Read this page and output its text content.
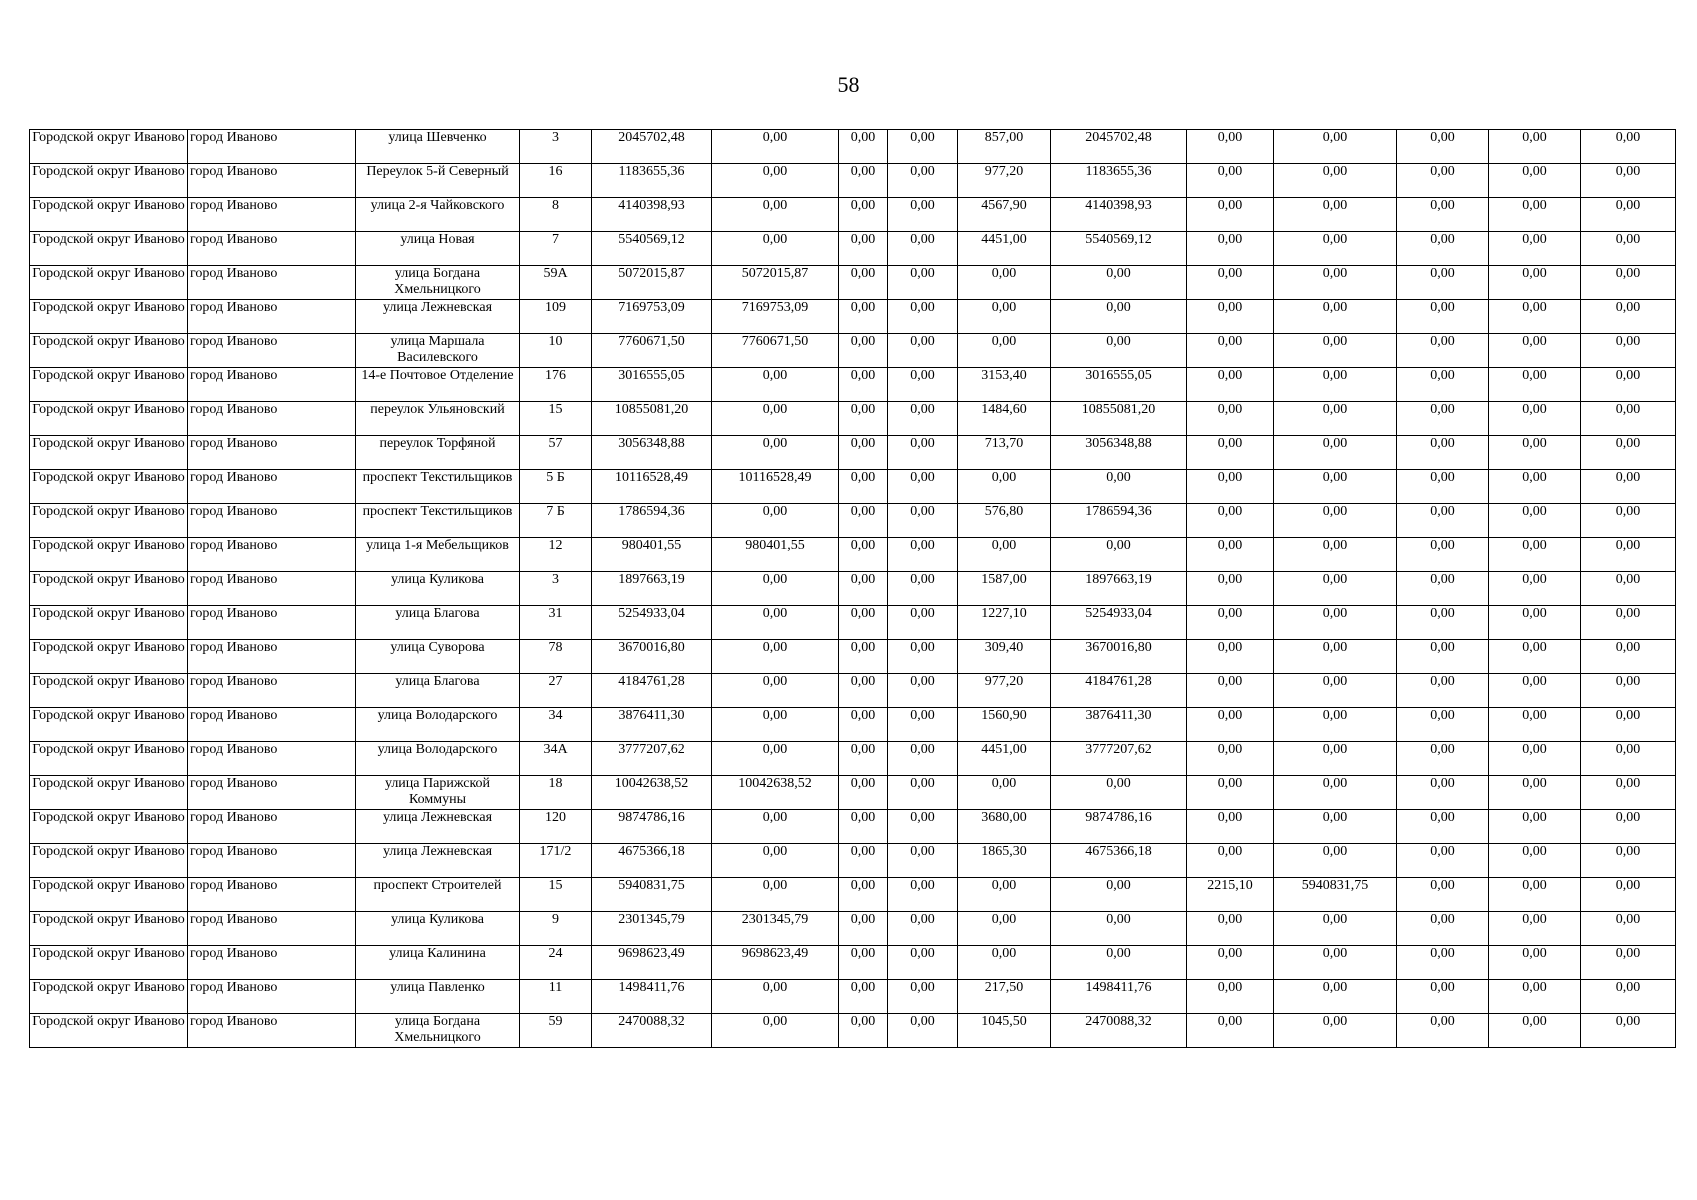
58
Городской округ Иваново	город Иваново	улица Шевченко	3	2045702,48	0,00	0,00	0,00	857,00	2045702,48	0,00	0,00	0,00	0,00	0,00
Городской округ Иваново	город Иваново	Переулок 5-й Северный	16	1183655,36	0,00	0,00	0,00	977,20	1183655,36	0,00	0,00	0,00	0,00	0,00
Городской округ Иваново	город Иваново	улица 2-я Чайковского	8	4140398,93	0,00	0,00	0,00	4567,90	4140398,93	0,00	0,00	0,00	0,00	0,00
Городской округ Иваново	город Иваново	улица Новая	7	5540569,12	0,00	0,00	0,00	4451,00	5540569,12	0,00	0,00	0,00	0,00	0,00
Городской округ Иваново	город Иваново	улица Богдана Хмельницкого	59А	5072015,87	5072015,87	0,00	0,00	0,00	0,00	0,00	0,00	0,00	0,00	0,00
Городской округ Иваново	город Иваново	улица Лежневская	109	7169753,09	7169753,09	0,00	0,00	0,00	0,00	0,00	0,00	0,00	0,00	0,00
Городской округ Иваново	город Иваново	улица Маршала Василевского	10	7760671,50	7760671,50	0,00	0,00	0,00	0,00	0,00	0,00	0,00	0,00	0,00
Городской округ Иваново	город Иваново	14-е Почтовое Отделение	176	3016555,05	0,00	0,00	0,00	3153,40	3016555,05	0,00	0,00	0,00	0,00	0,00
Городской округ Иваново	город Иваново	переулок Ульяновский	15	10855081,20	0,00	0,00	0,00	1484,60	10855081,20	0,00	0,00	0,00	0,00	0,00
Городской округ Иваново	город Иваново	переулок Торфяной	57	3056348,88	0,00	0,00	0,00	713,70	3056348,88	0,00	0,00	0,00	0,00	0,00
Городской округ Иваново	город Иваново	проспект Текстильщиков	5 Б	10116528,49	10116528,49	0,00	0,00	0,00	0,00	0,00	0,00	0,00	0,00	0,00
Городской округ Иваново	город Иваново	проспект Текстильщиков	7 Б	1786594,36	0,00	0,00	0,00	576,80	1786594,36	0,00	0,00	0,00	0,00	0,00
Городской округ Иваново	город Иваново	улица 1-я Мебельщиков	12	980401,55	980401,55	0,00	0,00	0,00	0,00	0,00	0,00	0,00	0,00	0,00
Городской округ Иваново	город Иваново	улица Куликова	3	1897663,19	0,00	0,00	0,00	1587,00	1897663,19	0,00	0,00	0,00	0,00	0,00
Городской округ Иваново	город Иваново	улица Благова	31	5254933,04	0,00	0,00	0,00	1227,10	5254933,04	0,00	0,00	0,00	0,00	0,00
Городской округ Иваново	город Иваново	улица Суворова	78	3670016,80	0,00	0,00	0,00	309,40	3670016,80	0,00	0,00	0,00	0,00	0,00
Городской округ Иваново	город Иваново	улица Благова	27	4184761,28	0,00	0,00	0,00	977,20	4184761,28	0,00	0,00	0,00	0,00	0,00
Городской округ Иваново	город Иваново	улица Володарского	34	3876411,30	0,00	0,00	0,00	1560,90	3876411,30	0,00	0,00	0,00	0,00	0,00
Городской округ Иваново	город Иваново	улица Володарского	34А	3777207,62	0,00	0,00	0,00	4451,00	3777207,62	0,00	0,00	0,00	0,00	0,00
Городской округ Иваново	город Иваново	улица Парижской Коммуны	18	10042638,52	10042638,52	0,00	0,00	0,00	0,00	0,00	0,00	0,00	0,00	0,00
Городской округ Иваново	город Иваново	улица Лежневская	120	9874786,16	0,00	0,00	0,00	3680,00	9874786,16	0,00	0,00	0,00	0,00	0,00
Городской округ Иваново	город Иваново	улица Лежневская	171/2	4675366,18	0,00	0,00	0,00	1865,30	4675366,18	0,00	0,00	0,00	0,00	0,00
Городской округ Иваново	город Иваново	проспект Строителей	15	5940831,75	0,00	0,00	0,00	0,00	0,00	2215,10	5940831,75	0,00	0,00	0,00
Городской округ Иваново	город Иваново	улица Куликова	9	2301345,79	2301345,79	0,00	0,00	0,00	0,00	0,00	0,00	0,00	0,00	0,00
Городской округ Иваново	город Иваново	улица Калинина	24	9698623,49	9698623,49	0,00	0,00	0,00	0,00	0,00	0,00	0,00	0,00	0,00
Городской округ Иваново	город Иваново	улица Павленко	11	1498411,76	0,00	0,00	0,00	217,50	1498411,76	0,00	0,00	0,00	0,00	0,00
Городской округ Иваново	город Иваново	улица Богдана Хмельницкого	59	2470088,32	0,00	0,00	0,00	1045,50	2470088,32	0,00	0,00	0,00	0,00	0,00
